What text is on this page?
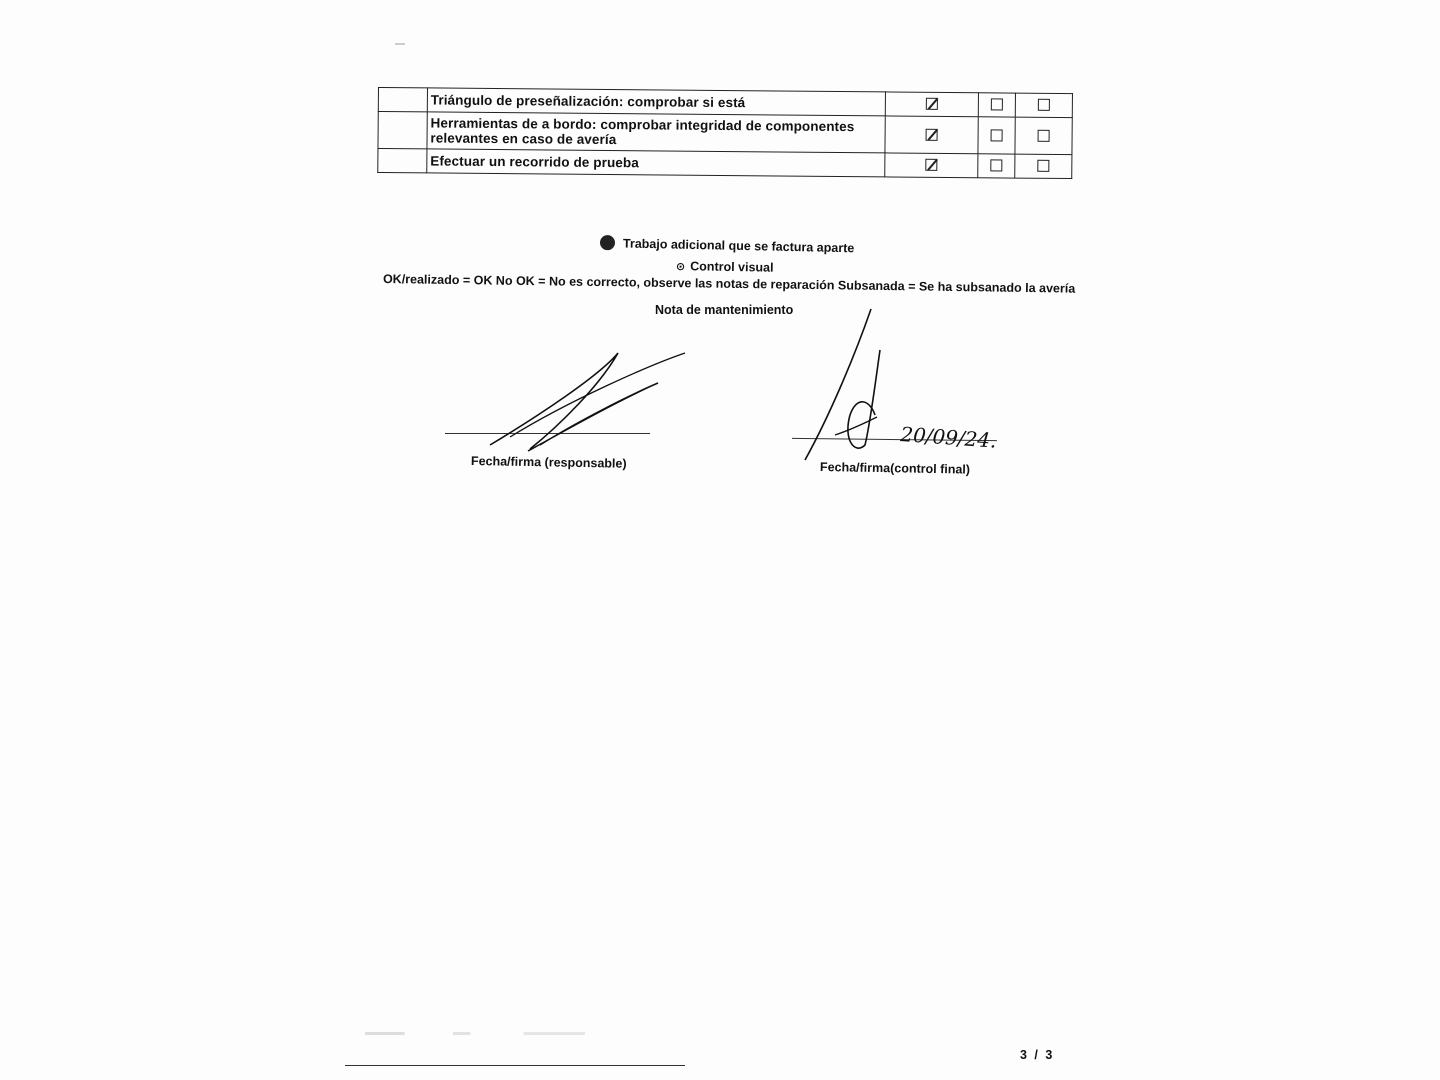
	Triángulo de preseñalización: comprobar si está			
	Herramientas de a bordo: comprobar integridad de componentes relevantes en caso de avería			
	Efectuar un recorrido de prueba			
Trabajo adicional que se factura aparte
⊙ Control visual
OK/realizado = OK No OK = No es correcto, observe las notas de reparación Subsanada = Se ha subsanado la avería
Nota de mantenimiento
20/09/24.
Fecha/firma (responsable)	Fecha/firma(control final)
3 / 3
